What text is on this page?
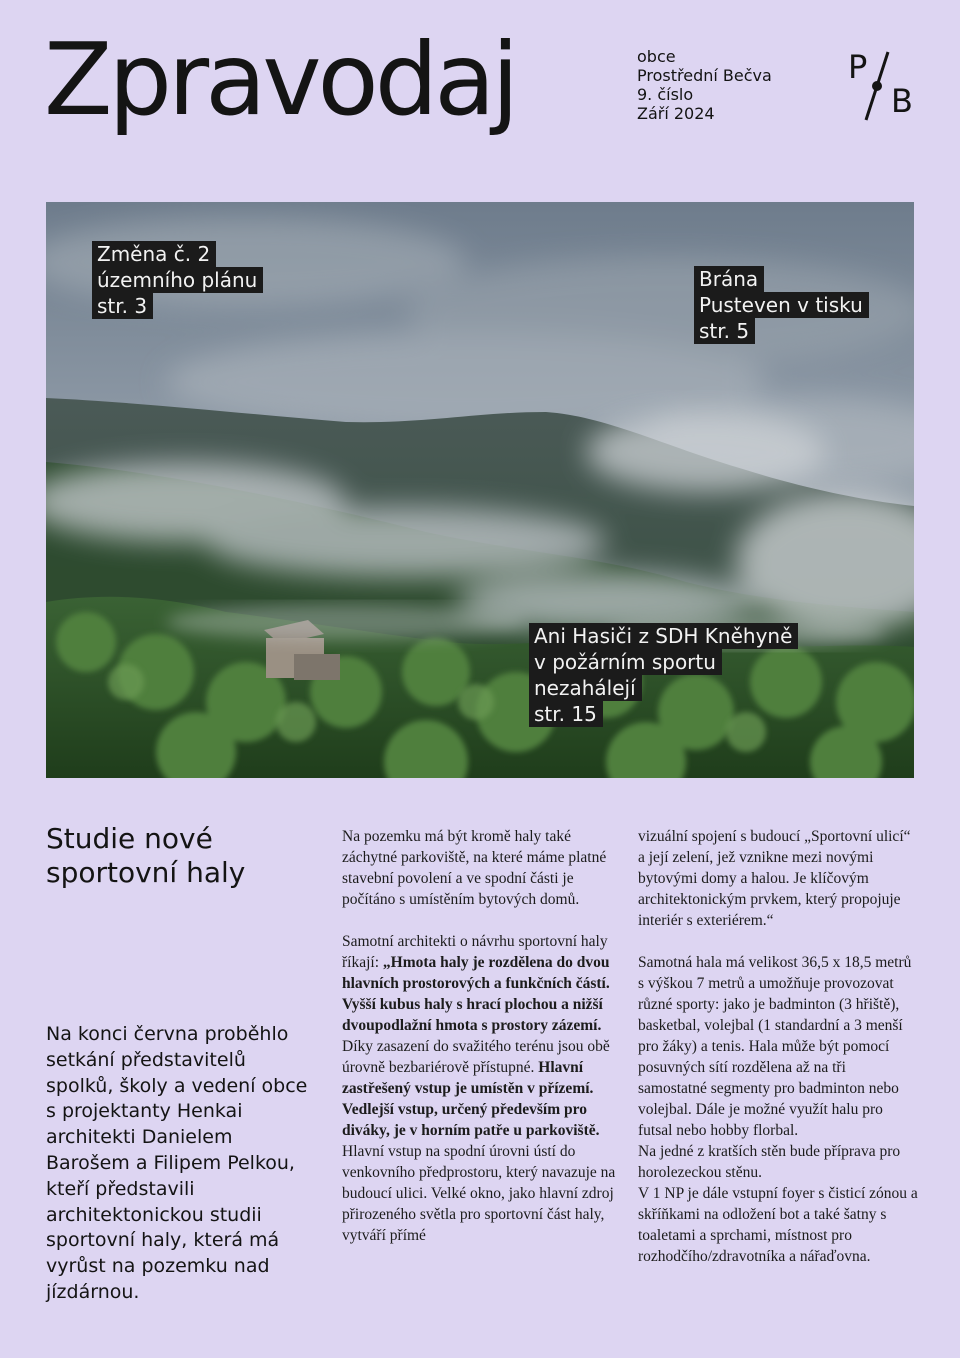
Zpravodaj	obce
Prostřední Bečva
9. číslo
Září 2024
P
B
Změna č. 2
územního plánu
str. 3
Brána
Pusteven v tisku
str. 5
Ani Hasiči z SDH Kněhyně
v požárním sportu
nezahálejí
str. 15
Studie nové
sportovní haly

Na konci června proběhlo setkání představitelů spolků, školy a vedení obce s projektanty Henkai architekti Danielem Barošem a Filipem Pelkou, kteří představili architektonickou studii sportovní haly, která má vyrůst na pozemku nad jízdárnou.

Na pozemku má být kromě haly také záchytné parkoviště, na které máme platné stavební povolení a ve spodní části je počítáno s umístěním bytových domů.

Samotní architekti o návrhu sportovní haly říkají: „Hmota haly je rozdělena do dvou hlavních prostorových a funkčních částí. Vyšší kubus haly s hrací plochou a nižší dvoupodlažní hmota s prostory zázemí. Díky zasazení do svažitého terénu jsou obě úrovně bezbariérově přístupné. Hlavní zastřešený vstup je umístěn v přízemí. Vedlejší vstup, určený především pro diváky, je v horním patře u parkoviště. Hlavní vstup na spodní úrovni ústí do venkovního předprostoru, který navazuje na budoucí ulici. Velké okno, jako hlavní zdroj přirozeného světla pro sportovní část haly, vytváří přímé

vizuální spojení s budoucí „Sportovní ulicí“ a její zelení, jež vznikne mezi novými bytovými domy a halou. Je klíčovým architektonickým prvkem, který propojuje interiér s exteriérem.“

Samotná hala má velikost 36,5 x 18,5 metrů s výškou 7 metrů a umožňuje provozovat různé sporty: jako je badminton (3 hřiště), basketbal, volejbal (1 standardní a 3 menší pro žáky) a tenis. Hala může být pomocí posuvných sítí rozdělena až na tři samostatné segmenty pro badminton nebo volejbal. Dále je možné využít halu pro futsal nebo hobby florbal.

Na jedné z kratších stěn bude příprava pro horolezeckou stěnu.

V 1 NP je dále vstupní foyer s čisticí zónou a skříňkami na odložení bot a také šatny s toaletami a sprchami, místnost pro rozhodčího/zdravotníka a nářaďovna.
